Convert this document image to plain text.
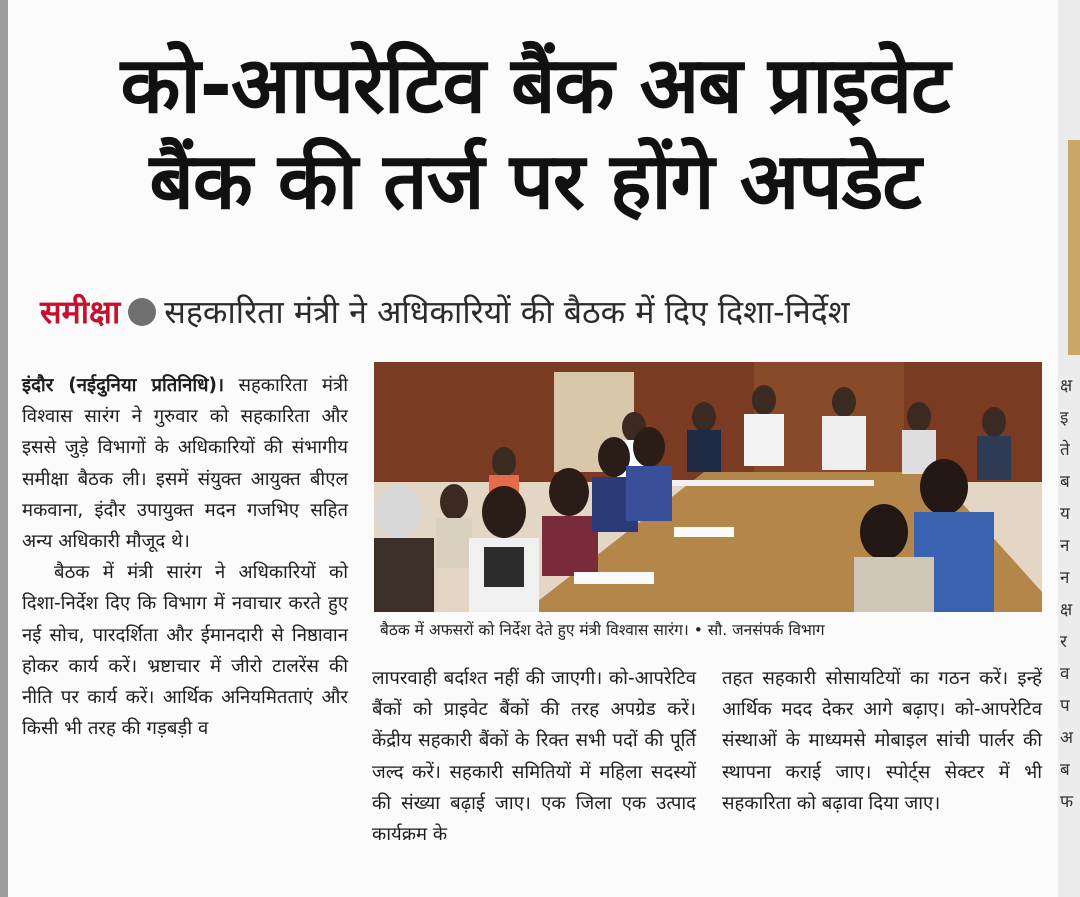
को-आपरेटिव बैंक अब प्राइवेट
बैंक की तर्ज पर होंगे अपडेट
समीक्षा सहकारिता मंत्री ने अधिकारियों की बैठक में दिए दिशा-निर्देश

इंदौर (नईदुनिया प्रतिनिधि)। सहकारिता मंत्री विश्वास सारंग ने गुरुवार को सहकारिता और इससे जुड़े विभागों के अधिकारियों की संभागीय समीक्षा बैठक ली। इसमें संयुक्त आयुक्त बीएल मकवाना, इंदौर उपायुक्त मदन गजभिए सहित अन्य अधिकारी मौजूद थे।

बैठक में मंत्री सारंग ने अधिकारियों को दिशा-निर्देश दिए कि विभाग में नवाचार करते हुए नई सोच, पारदर्शिता और ईमानदारी से निष्ठावान होकर कार्य करें। भ्रष्टाचार में जीरो टालरेंस की नीति पर कार्य करें। आर्थिक अनियमितताएं और किसी भी तरह की गड़बड़ी व

बैठक में अफसरों को निर्देश देते हुए मंत्री विश्वास सारंग। • सौ. जनसंपर्क विभाग
लापरवाही बर्दाश्त नहीं की जाएगी। को-आपरेटिव बैंकों को प्राइवेट बैंकों की तरह अपग्रेड करें। केंद्रीय सहकारी बैंकों के रिक्त सभी पदों की पूर्ति जल्द करें। सहकारी समितियों में महिला सदस्यों की संख्या बढ़ाई जाए। एक जिला एक उत्पाद कार्यक्रम के
तहत सहकारी सोसायटियों का गठन करें। इन्हें आर्थिक मदद देकर आगे बढ़ाए। को-आपरेटिव संस्थाओं के माध्यमसे मोबाइल सांची पार्लर की स्थापना कराई जाए। स्पोर्ट्स सेक्टर में भी सहकारिता को बढ़ावा दिया जाए।
क्ष
इ
ते
ब
य
न
न
क्ष
र
व
प
अ
ब
फ
